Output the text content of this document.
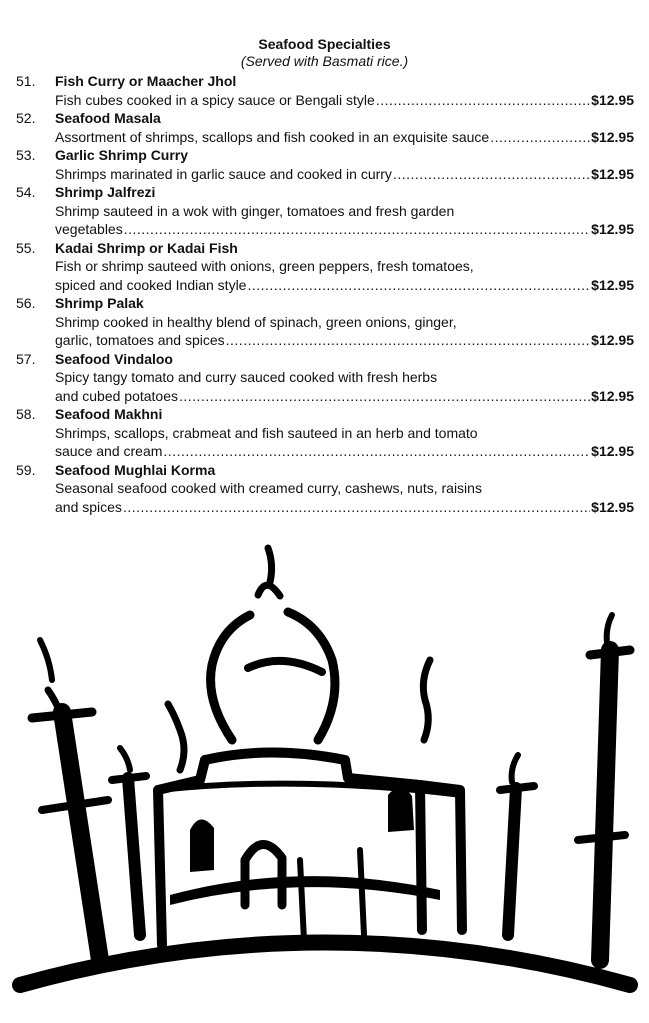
Seafood Specialties
(Served with Basmati rice.)
51.	Fish Curry or Maacher Jhol
Fish cubes cooked in a spicy sauce or Bengali style .....	$12.95
52.	Seafood Masala
Assortment of shrimps, scallops and fish cooked in an exquisite sauce .....	$12.95
53.	Garlic Shrimp Curry
Shrimps marinated in garlic sauce and cooked in curry .....	$12.95
54.	Shrimp Jalfrezi
Shrimp sauteed in a wok with ginger, tomatoes and fresh garden
vegetables .....	$12.95
55.	Kadai Shrimp or Kadai Fish
Fish or shrimp sauteed with onions, green peppers, fresh tomatoes,
spiced and cooked Indian style .....	$12.95
56.	Shrimp Palak
Shrimp cooked in healthy blend of spinach, green onions, ginger,
garlic, tomatoes and spices .....	$12.95
57.	Seafood Vindaloo
Spicy tangy tomato and curry sauced cooked with fresh herbs
and cubed potatoes .....	$12.95
58.	Seafood Makhni
Shrimps, scallops, crabmeat and fish sauteed in an herb and tomato
sauce and cream .....	$12.95
59.	Seafood Mughlai Korma
Seasonal seafood cooked with creamed curry, cashews, nuts, raisins
and spices .....	$12.95
